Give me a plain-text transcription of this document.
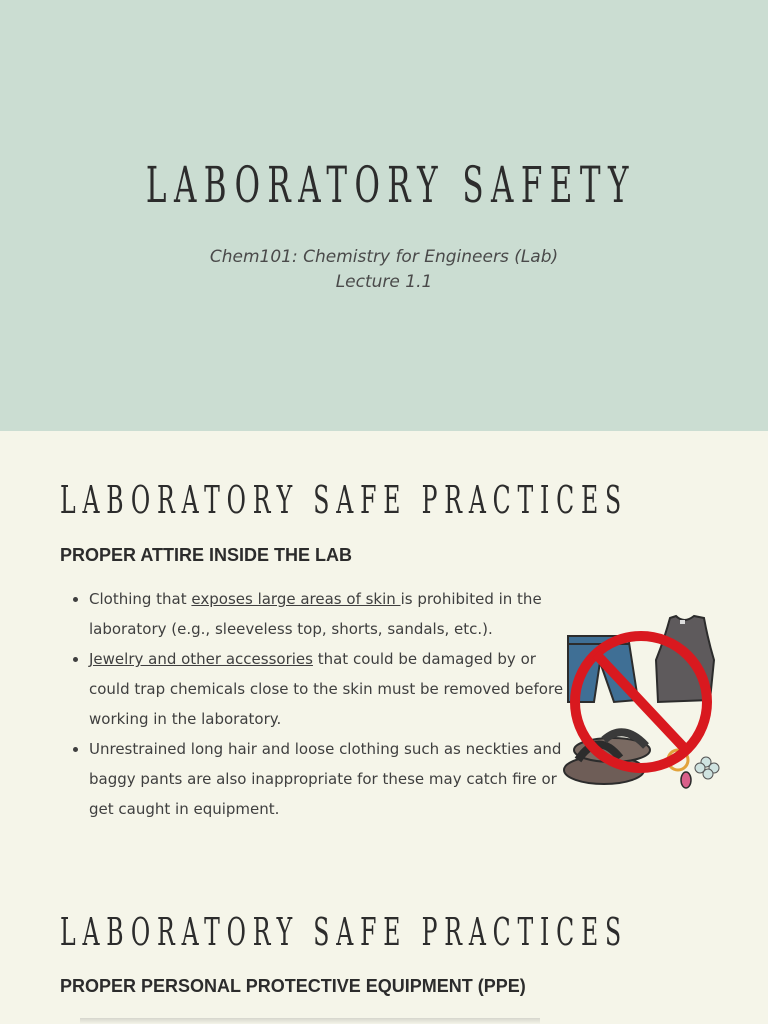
LABORATORY SAFETY
Chem101: Chemistry for Engineers (Lab)
Lecture 1.1
LABORATORY SAFE PRACTICES
PROPER ATTIRE INSIDE THE LAB
• Clothing that exposes large areas of skin is prohibited in the laboratory (e.g., sleeveless top, shorts, sandals, etc.).
• Jewelry and other accessories that could be damaged by or could trap chemicals close to the skin must be removed before working in the laboratory.
• Unrestrained long hair and loose clothing such as neckties and baggy pants are also inappropriate for these may catch fire or get caught in equipment.
LABORATORY SAFE PRACTICES
PROPER PERSONAL PROTECTIVE EQUIPMENT (PPE)
